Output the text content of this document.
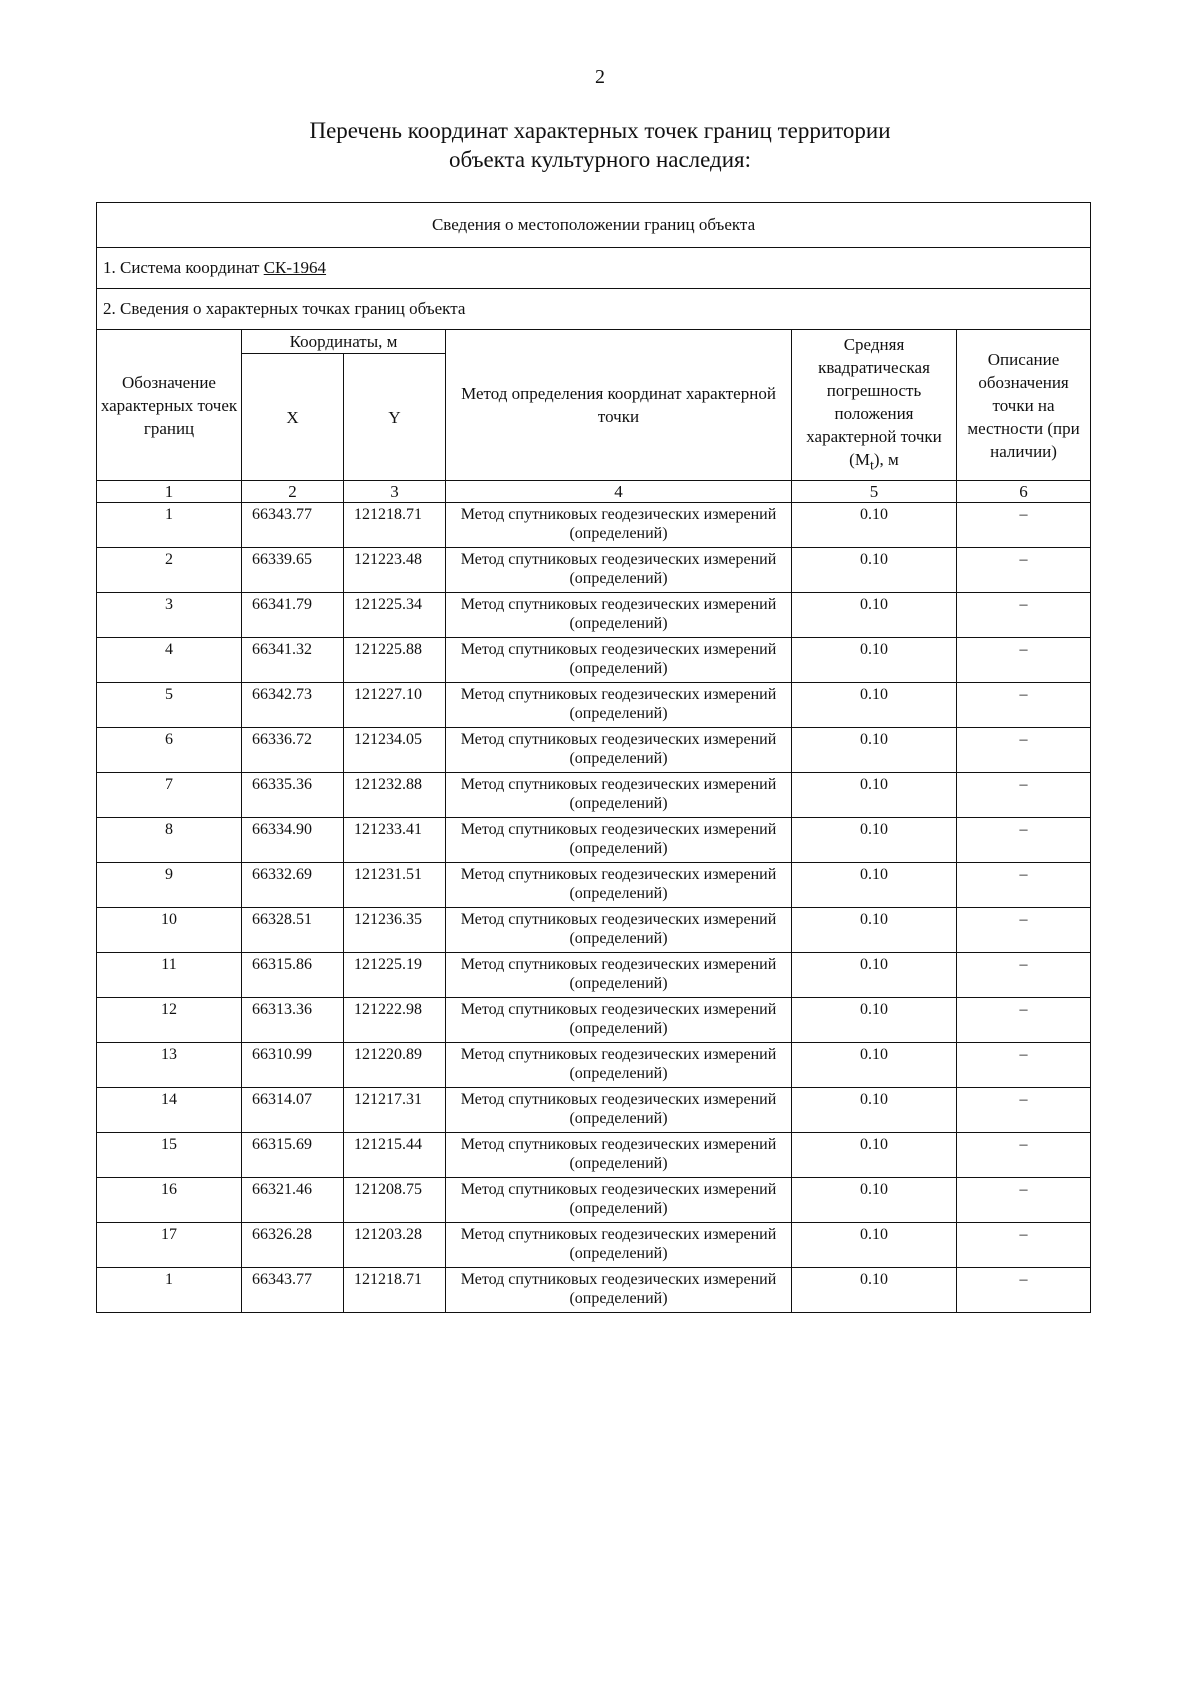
2
Перечень координат характерных точек границ территории
объекта культурного наследия:
Сведения о местоположении границ объекта					
1. Система координат СК-1964					
2. Сведения о характерных точках границ объекта					
Обозначение характерных точек границ	Координаты, м		Метод определения координат характерной точки	Средняя квадратическая погрешность положения характерной точки $(M_t)$, м	Описание обозначения точки на местности (при наличии)
	X	Y			
1	2	3	4	5	6
1	66343.77	121218.71	Метод спутниковых геодезических измерений (определений)	0.10	–
2	66339.65	121223.48	Метод спутниковых геодезических измерений (определений)	0.10	–
3	66341.79	121225.34	Метод спутниковых геодезических измерений (определений)	0.10	–
4	66341.32	121225.88	Метод спутниковых геодезических измерений (определений)	0.10	–
5	66342.73	121227.10	Метод спутниковых геодезических измерений (определений)	0.10	–
6	66336.72	121234.05	Метод спутниковых геодезических измерений (определений)	0.10	–
7	66335.36	121232.88	Метод спутниковых геодезических измерений (определений)	0.10	–
8	66334.90	121233.41	Метод спутниковых геодезических измерений (определений)	0.10	–
9	66332.69	121231.51	Метод спутниковых геодезических измерений (определений)	0.10	–
10	66328.51	121236.35	Метод спутниковых геодезических измерений (определений)	0.10	–
11	66315.86	121225.19	Метод спутниковых геодезических измерений (определений)	0.10	–
12	66313.36	121222.98	Метод спутниковых геодезических измерений (определений)	0.10	–
13	66310.99	121220.89	Метод спутниковых геодезических измерений (определений)	0.10	–
14	66314.07	121217.31	Метод спутниковых геодезических измерений (определений)	0.10	–
15	66315.69	121215.44	Метод спутниковых геодезических измерений (определений)	0.10	–
16	66321.46	121208.75	Метод спутниковых геодезических измерений (определений)	0.10	–
17	66326.28	121203.28	Метод спутниковых геодезических измерений (определений)	0.10	–
1	66343.77	121218.71	Метод спутниковых геодезических измерений (определений)	0.10	–
